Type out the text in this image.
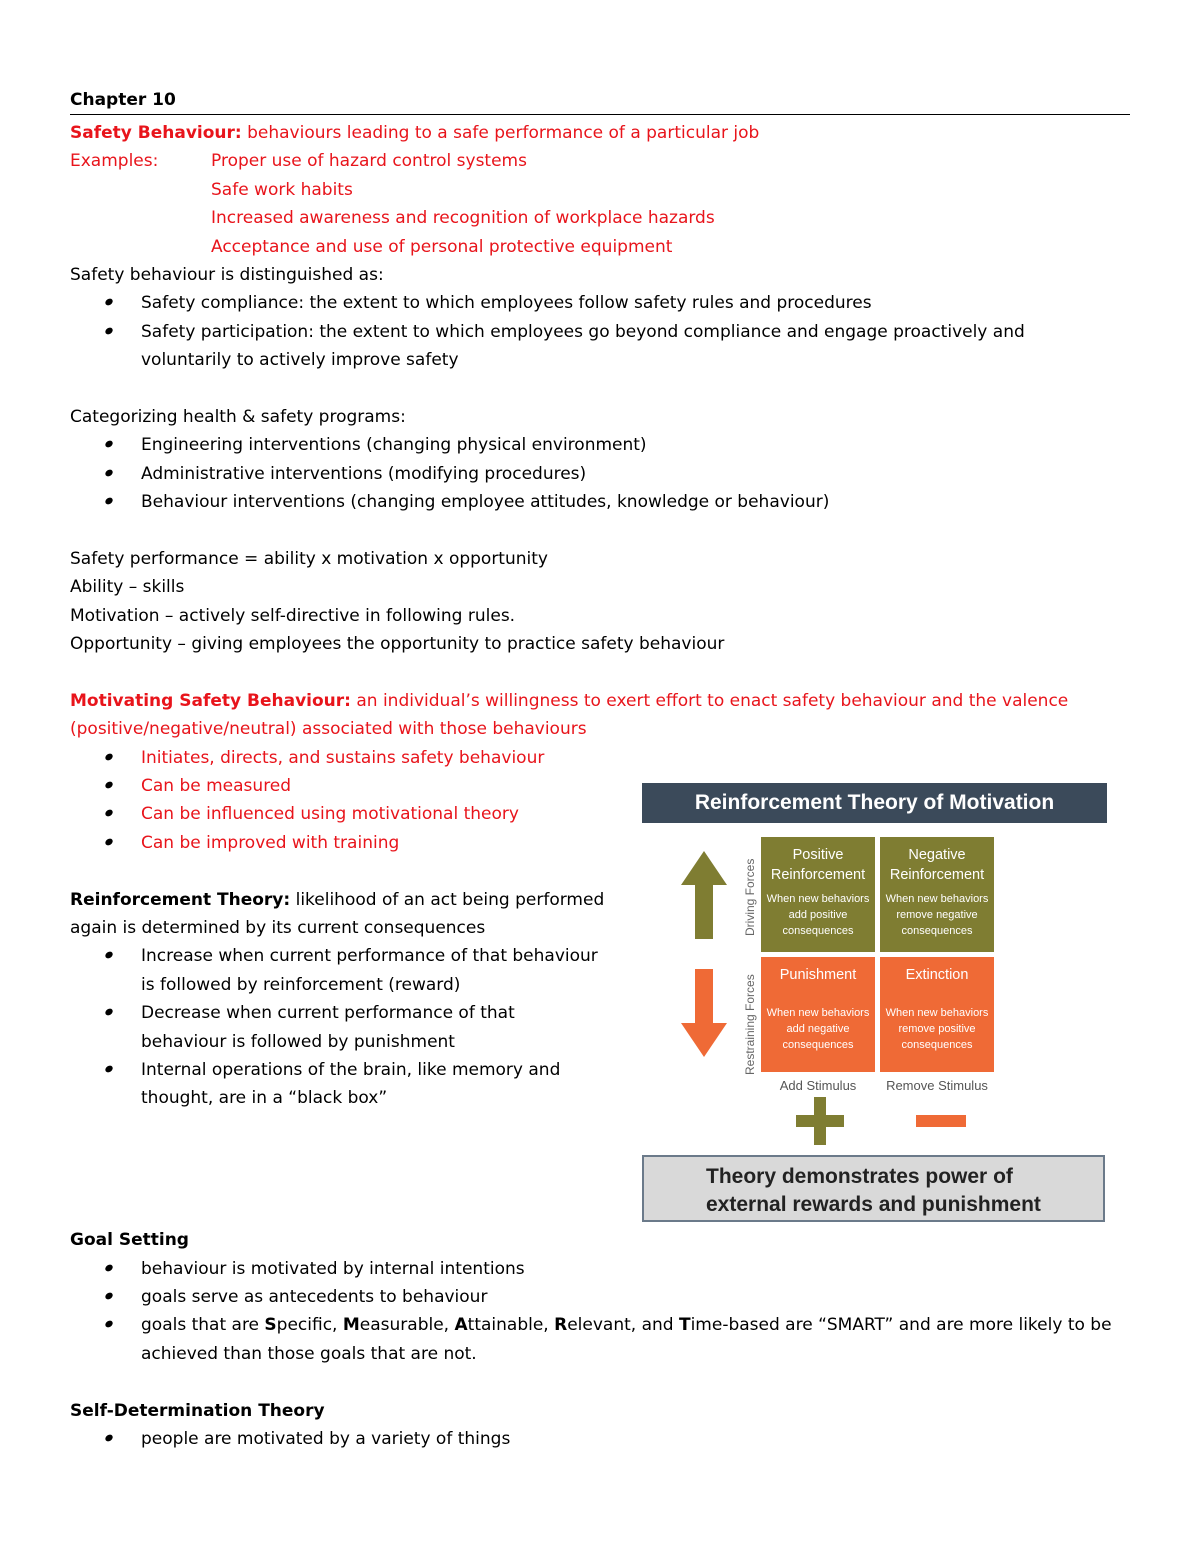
Chapter 10
Safety Behaviour: behaviours leading to a safe performance of a particular job
Examples:	Proper use of hazard control systems
Safe work habits
Increased awareness and recognition of workplace hazards
Acceptance and use of personal protective equipment
Safety behaviour is distinguished as:
Safety compliance: the extent to which employees follow safety rules and procedures
Safety participation: the extent to which employees go beyond compliance and engage proactively and
voluntarily to actively improve safety
Categorizing health & safety programs:
Engineering interventions (changing physical environment)
Administrative interventions (modifying procedures)
Behaviour interventions (changing employee attitudes, knowledge or behaviour)
Safety performance = ability x motivation x opportunity
Ability – skills
Motivation – actively self-directive in following rules.
Opportunity – giving employees the opportunity to practice safety behaviour
Motivating Safety Behaviour: an individual’s willingness to exert effort to enact safety behaviour and the valence
(positive/negative/neutral) associated with those behaviours
Initiates, directs, and sustains safety behaviour
Can be measured
Can be influenced using motivational theory
Can be improved with training
Reinforcement Theory: likelihood of an act being performed
again is determined by its current consequences
Increase when current performance of that behaviour
is followed by reinforcement (reward)
Decrease when current performance of that
behaviour is followed by punishment
Internal operations of the brain, like memory and
thought, are in a “black box”
Goal Setting
behaviour is motivated by internal intentions
goals serve as antecedents to behaviour
goals that are Specific, Measurable, Attainable, Relevant, and Time-based are “SMART” and are more likely to be
achieved than those goals that are not.
Self-Determination Theory
people are motivated by a variety of things
Reinforcement Theory of Motivation
Driving Forces
Restraining Forces
Positive
Reinforcement
When new behaviors
add positive
consequences
Negative
Reinforcement
When new behaviors
remove negative
consequences
Punishment
When new behaviors
add negative
consequences
Extinction
When new behaviors
remove positive
consequences
Add Stimulus	Remove Stimulus
Theory demonstrates power of
external rewards and punishment
